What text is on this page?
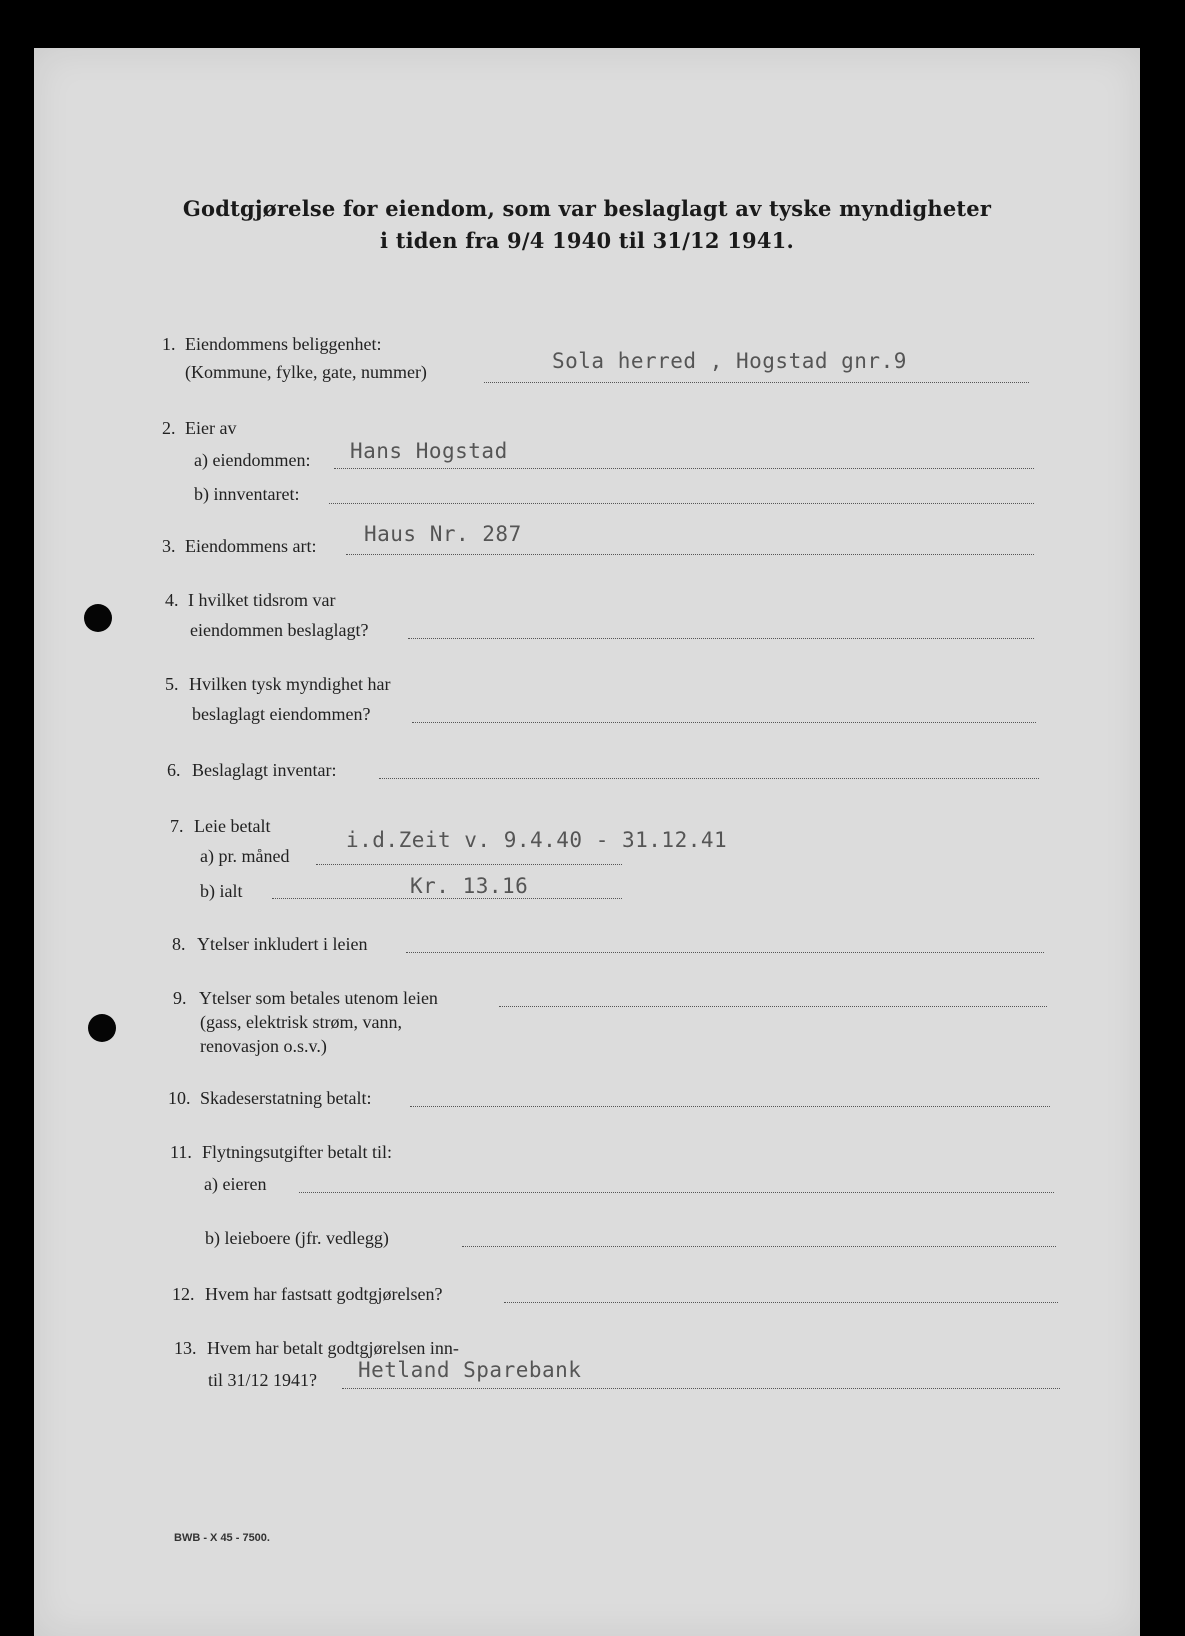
Godtgjørelse for eiendom, som var beslaglagt av tyske myndigheter
i tiden fra 9/4 1940 til 31/12 1941.
1. Eiendommens beliggenhet:
(Kommune, fylke, gate, nummer)	Sola herred , Hogstad gnr.9
2. Eier av
a) eiendommen: Hans Hogstad
b) innventaret:
3. Eiendommens art: Haus Nr. 287
4. I hvilket tidsrom var
eiendommen beslaglagt?
5. Hvilken tysk myndighet har
beslaglagt eiendommen?
6. Beslaglagt inventar:
7. Leie betalt
a) pr. måned
i.d.Zeit v. 9.4.40 - 31.12.41
b) ialt	Kr. 13.16
8. Ytelser inkludert i leien
9. Ytelser som betales utenom leien
(gass, elektrisk strøm, vann,
renovasjon o.s.v.)
10. Skadeserstatning betalt:
11. Flytningsutgifter betalt til:
a) eieren
b) leieboere (jfr. vedlegg)
12. Hvem har fastsatt godtgjørelsen?
13. Hvem har betalt godtgjørelsen inn-
til 31/12 1941? Hetland Sparebank
BWB - X 45 - 7500.
